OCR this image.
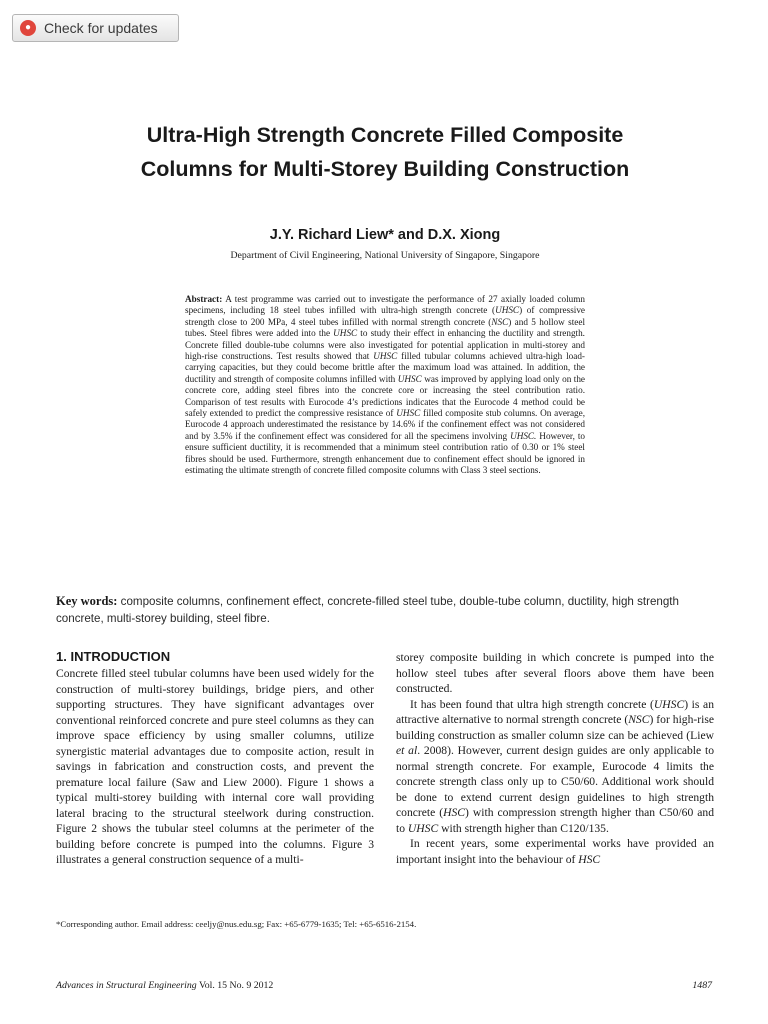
● Check for updates
Ultra-High Strength Concrete Filled Composite
Columns for Multi-Storey Building Construction
J.Y. Richard Liew* and D.X. Xiong
Department of Civil Engineering, National University of Singapore, Singapore

Abstract: A test programme was carried out to investigate the performance of 27 axially loaded column specimens, including 18 steel tubes infilled with ultra-high strength concrete (UHSC) of compressive strength close to 200 MPa, 4 steel tubes infilled with normal strength concrete (NSC) and 5 hollow steel tubes. Steel fibres were added into the UHSC to study their effect in enhancing the ductility and strength. Concrete filled double-tube columns were also investigated for potential application in multi-storey and high-rise constructions. Test results showed that UHSC filled tubular columns achieved ultra-high load-carrying capacities, but they could become brittle after the maximum load was attained. In addition, the ductility and strength of composite columns infilled with UHSC was improved by applying load only on the concrete core, adding steel fibres into the concrete core or increasing the steel contribution ratio. Comparison of test results with Eurocode 4’s predictions indicates that the Eurocode 4 method could be safely extended to predict the compressive resistance of UHSC filled composite stub columns. On average, Eurocode 4 approach underestimated the resistance by 14.6% if the confinement effect was not considered and by 3.5% if the confinement effect was considered for all the specimens involving UHSC. However, to ensure sufficient ductility, it is recommended that a minimum steel contribution ratio of 0.30 or 1% steel fibres should be used. Furthermore, strength enhancement due to confinement effect should be ignored in estimating the ultimate strength of concrete filled composite columns with Class 3 steel sections.

Key words: composite columns, confinement effect, concrete-filled steel tube, double-tube column, ductility, high strength concrete, multi-storey building, steel fibre.

1. INTRODUCTION

Concrete filled steel tubular columns have been used widely for the construction of multi-storey buildings, bridge piers, and other supporting structures. They have significant advantages over conventional reinforced concrete and pure steel columns as they can improve space efficiency by using smaller columns, utilize synergistic material advantages due to composite action, result in savings in fabrication and construction costs, and prevent the premature local failure (Saw and Liew 2000). Figure 1 shows a typical multi-storey building with internal core wall providing lateral bracing to the structural steelwork during construction. Figure 2 shows the tubular steel columns at the perimeter of the building before concrete is pumped into the columns. Figure 3 illustrates a general construction sequence of a multi-

storey composite building in which concrete is pumped into the hollow steel tubes after several floors above them have been constructed.

It has been found that ultra high strength concrete (UHSC) is an attractive alternative to normal strength concrete (NSC) for high-rise building construction as smaller column size can be achieved (Liew et al. 2008). However, current design guides are only applicable to normal strength concrete. For example, Eurocode 4 limits the concrete strength class only up to C50/60. Additional work should be done to extend current design guidelines to high strength concrete (HSC) with compression strength higher than C50/60 and to UHSC with strength higher than C120/135.

In recent years, some experimental works have provided an important insight into the behaviour of HSC

*Corresponding author. Email address: ceeljy@nus.edu.sg; Fax: +65-6779-1635; Tel: +65-6516-2154.

Advances in Structural Engineering Vol. 15 No. 9 2012	1487
